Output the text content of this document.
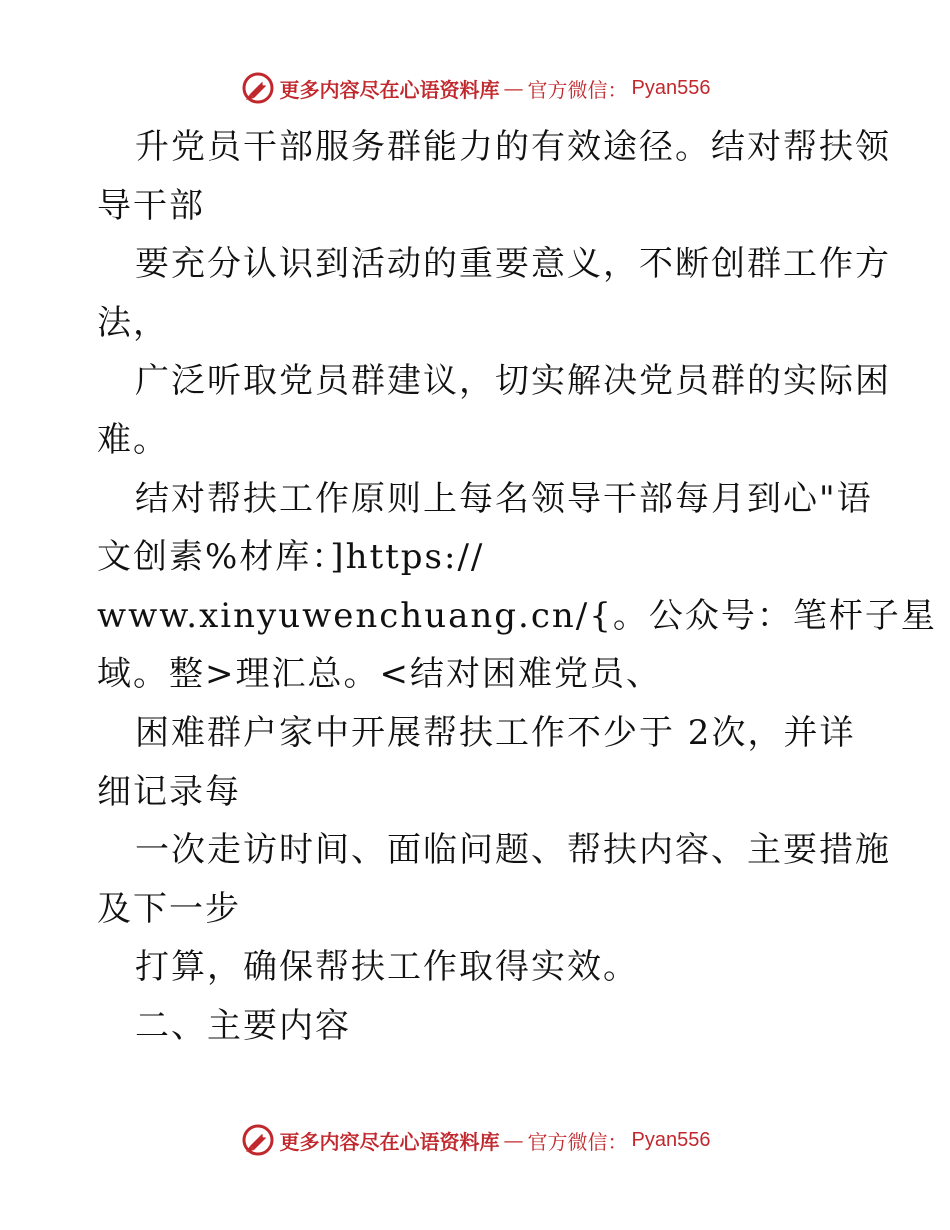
更多内容尽在心语资料库 — 官方微信： Pyan556
升党员干部服务群能力的有效途径。结对帮扶领
导干部
要充分认识到活动的重要意义，不断创群工作方
法，
广泛听取党员群建议，切实解决党员群的实际困
难。
结对帮扶工作原则上每名领导干部每月到心"语
文创素%材库：]https://
www.xinyuwenchuang.cn/{。公众号：笔杆子星
域。整>理汇总。<结对困难党员、
困难群户家中开展帮扶工作不少于 2次，并详
细记录每
一次走访时间、面临问题、帮扶内容、主要措施
及下一步
打算，确保帮扶工作取得实效。
二、主要内容
更多内容尽在心语资料库 — 官方微信： Pyan556
